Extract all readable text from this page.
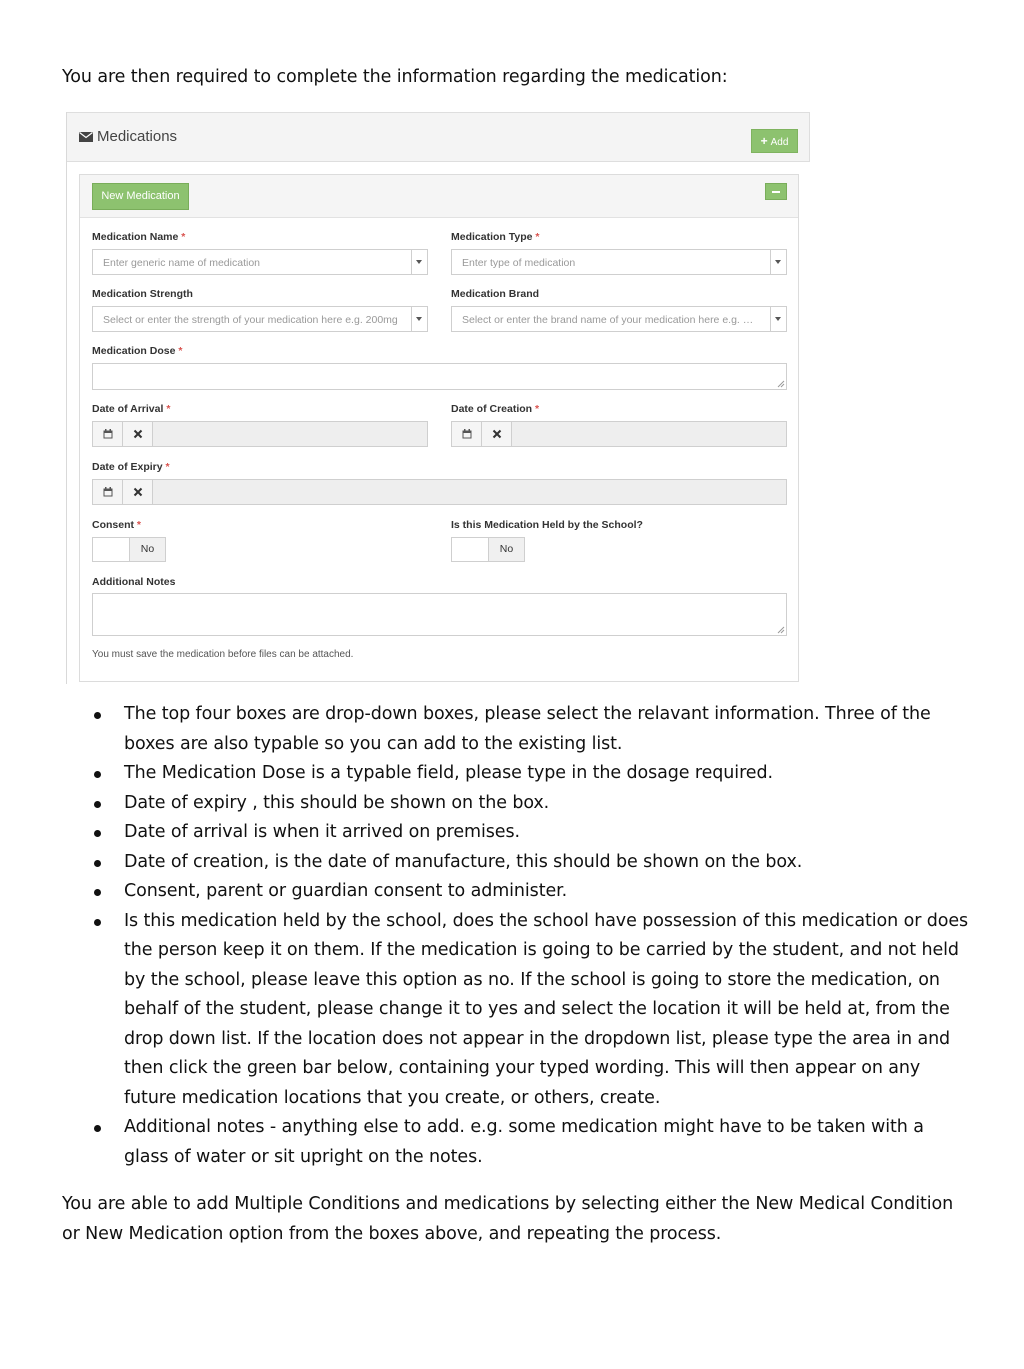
You are then required to complete the information regarding the medication:
Medications	+ Add
New Medication
Medication Name *
Enter generic name of medication
Medication Type *
Enter type of medication
Medication Strength
Select or enter the strength of your medication here e.g. 200mg
Medication Brand
Select or enter the brand name of your medication here e.g. …
Medication Dose *
Date of Arrival *	Date of Creation *
Date of Expiry *
Consent *
No
Is this Medication Held by the School?
No
Additional Notes
You must save the medication before files can be attached.
The top four boxes are drop-down boxes, please select the relavant information. Three of the boxes are also typable so you can add to the existing list.
The Medication Dose is a typable field, please type in the dosage required.
Date of expiry , this should be shown on the box.
Date of arrival is when it arrived on premises.
Date of creation, is the date of manufacture, this should be shown on the box.
Consent, parent or guardian consent to administer.
Is this medication held by the school, does the school have possession of this medication or does the person keep it on them. If the medication is going to be carried by the student, and not held by the school, please leave this option as no. If the school is going to store the medication, on behalf of the student, please change it to yes and select the location it will be held at, from the drop down list. If the location does not appear in the dropdown list, please type the area in and then click the green bar below, containing your typed wording. This will then appear on any future medication locations that you create, or others, create.
Additional notes - anything else to add. e.g. some medication might have to be taken with a glass of water or sit upright on the notes.
You are able to add Multiple Conditions and medications by selecting either the New Medical Condition or New Medication option from the boxes above, and repeating the process.
